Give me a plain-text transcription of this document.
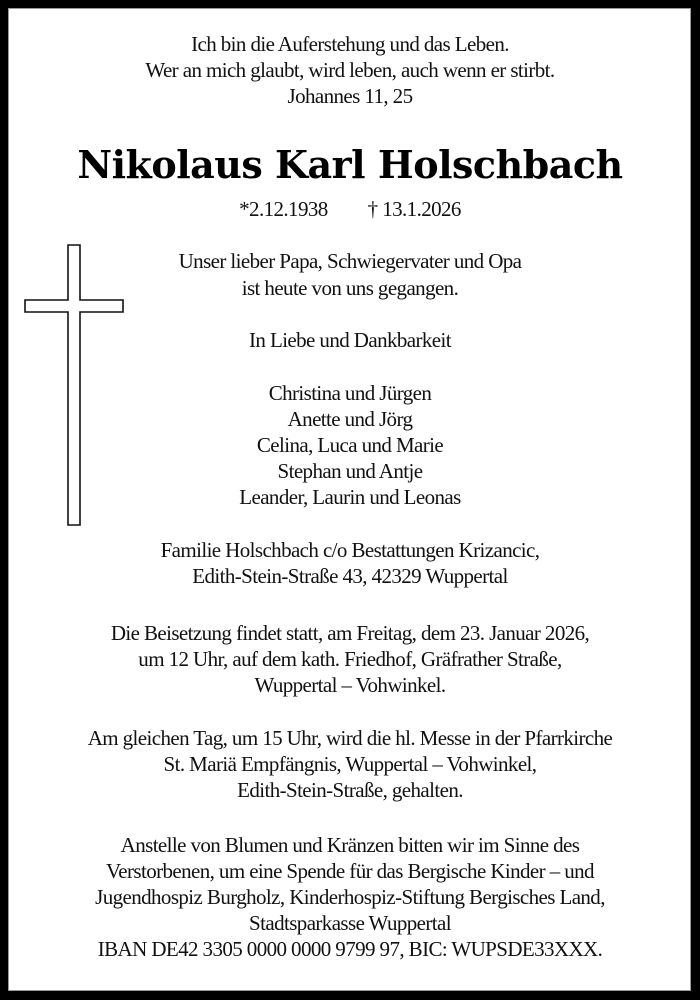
Ich bin die Auferstehung und das Leben.
Wer an mich glaubt, wird leben, auch wenn er stirbt.
Johannes 11, 25
Nikolaus Karl Holschbach
*2.12.1938 † 13.1.2026
Unser lieber Papa, Schwiegervater und Opa
ist heute von uns gegangen.
In Liebe und Dankbarkeit
Christina und Jürgen
Anette und Jörg
Celina, Luca und Marie
Stephan und Antje
Leander, Laurin und Leonas
Familie Holschbach c/o Bestattungen Krizancic,
Edith-Stein-Straße 43, 42329 Wuppertal
Die Beisetzung findet statt, am Freitag, dem 23. Januar 2026,
um 12 Uhr, auf dem kath. Friedhof, Gräfrather Straße,
Wuppertal – Vohwinkel.
Am gleichen Tag, um 15 Uhr, wird die hl. Messe in der Pfarrkirche
St. Mariä Empfängnis, Wuppertal – Vohwinkel,
Edith-Stein-Straße, gehalten.
Anstelle von Blumen und Kränzen bitten wir im Sinne des
Verstorbenen, um eine Spende für das Bergische Kinder – und
Jugendhospiz Burgholz, Kinderhospiz-Stiftung Bergisches Land,
Stadtsparkasse Wuppertal
IBAN DE42 3305 0000 0000 9799 97, BIC: WUPSDE33XXX.
